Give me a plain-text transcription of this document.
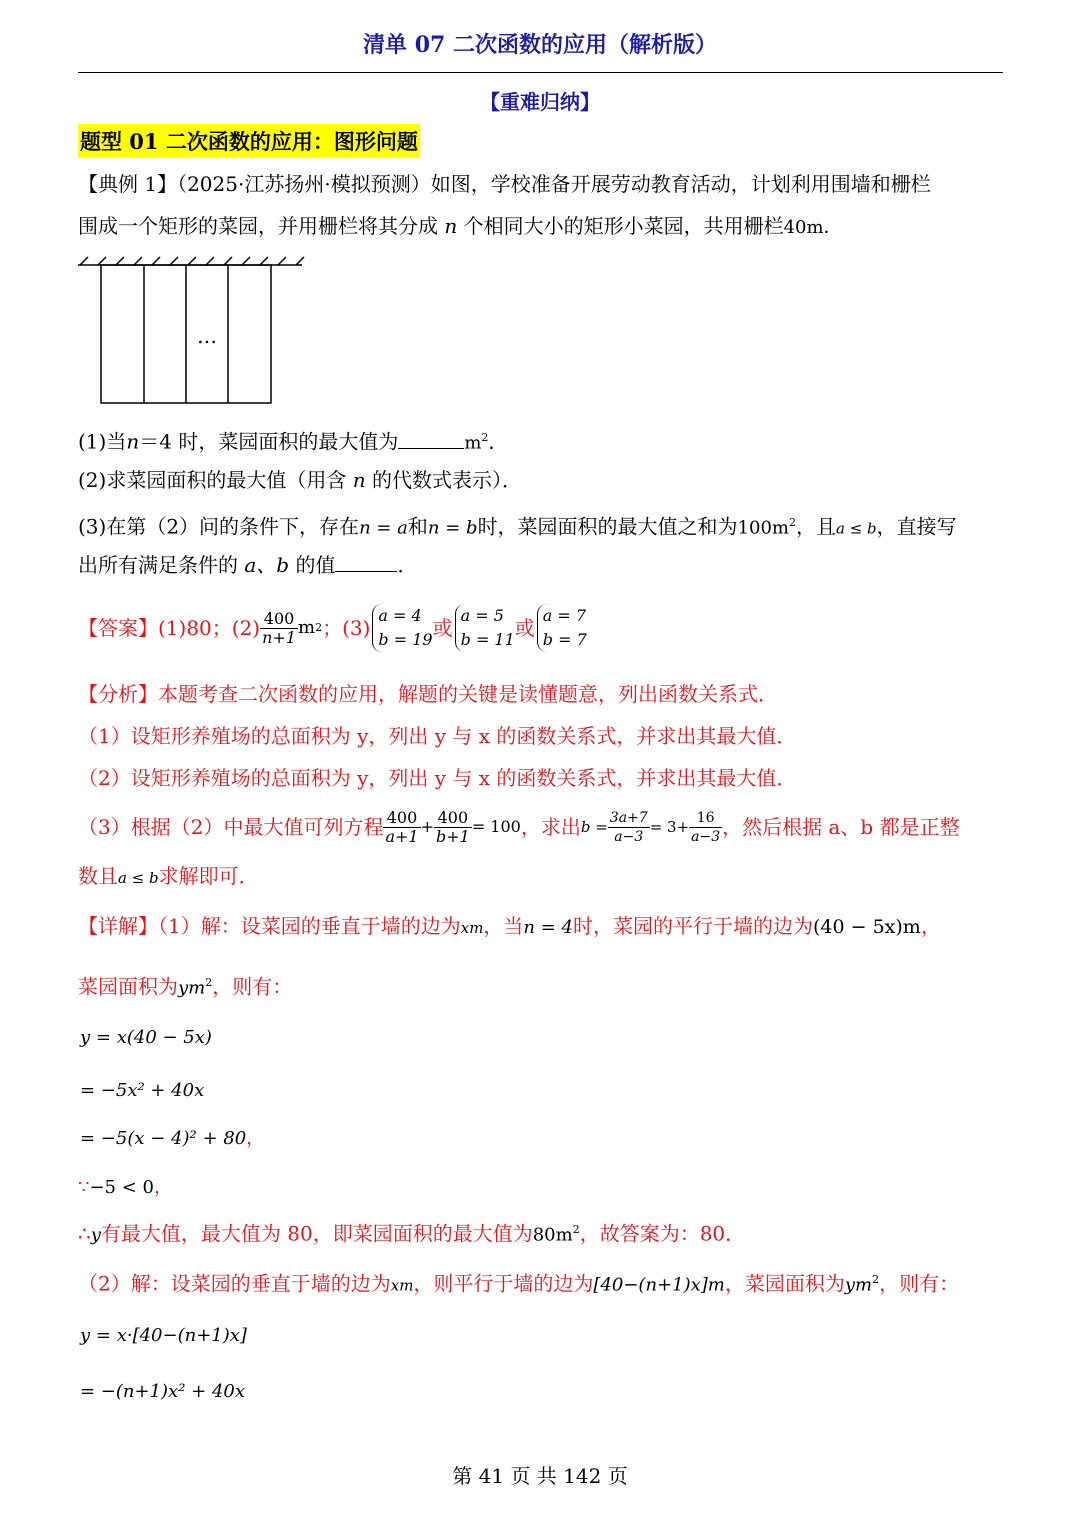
清单 07 二次函数的应用（解析版）
【重难归纳】
题型 01 二次函数的应用：图形问题
【典例 1】（2025·江苏扬州·模拟预测）如图，学校准备开展劳动教育活动，计划利用围墙和栅栏
围成一个矩形的菜园，并用栅栏将其分成 n 个相同大小的矩形小菜园，共用栅栏40m．
…
(1)当n＝4 时，菜园面积的最大值为	$m^2$．
(2)求菜园面积的最大值（用含 n 的代数式表示）．
(3)在第（2）问的条件下，存在n = a和n = b时，菜园面积的最大值之和为$100m^2$，且a ≤ b，直接写
出所有满足条件的 a、b 的值	．
【答案】(1)80；$(2) \frac{400}{n+1}$ m 2 ；(3)
a = 4
b = 19 或
a = 5
b = 11 或
a = 7
b = 7
【分析】本题考查二次函数的应用，解题的关键是读懂题意，列出函数关系式．
（1）设矩形养殖场的总面积为 y，列出 y 与 x 的函数关系式，并求出其最大值．
（2）设矩形养殖场的总面积为 y，列出 y 与 x 的函数关系式，并求出其最大值．
（3）根据（2）中最大值可列方程 $\frac{400}{a+1} + \frac{400}{b+1} = 100$ ，求出 $b = \frac{3a+7}{a-3} = 3+ \frac{16}{a-3}$ ，然后根据 a、b 都是正整
数且a ≤ b求解即可．
【详解】（1）解：设菜园的垂直于墙的边为xm，当n = 4时，菜园的平行于墙的边为(40 − 5x)m，
菜园面积为$ym^2$，则有：
y = x(40 − 5x)
= −5x² + 40x
= −5(x − 4)² + 80，
∵−5 < 0，
∴y有最大值，最大值为 80，即菜园面积的最大值为$80m^2$，故答案为：80．
（2）解：设菜园的垂直于墙的边为xm，则平行于墙的边为[40−(n+1)x]m，菜园面积为$ym^2$，则有：
y = x·[40−(n+1)x]
= −(n+1)x² + 40x
第 41 页 共 142 页
